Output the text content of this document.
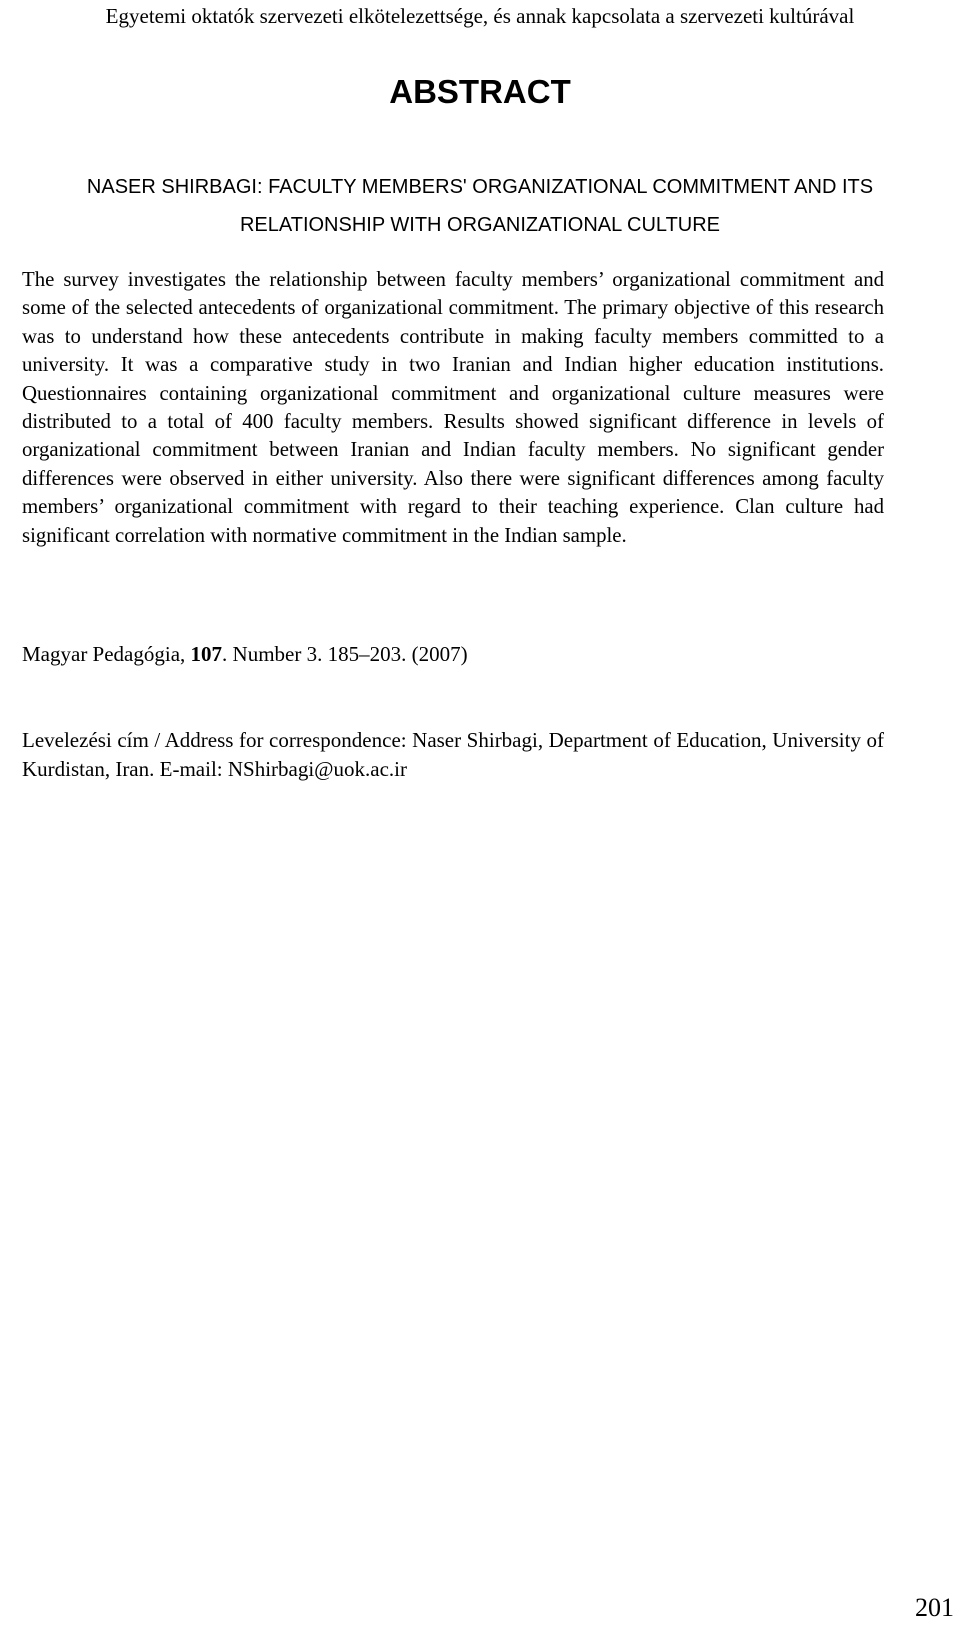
Egyetemi oktatók szervezeti elkötelezettsége, és annak kapcsolata a szervezeti kultúrával
ABSTRACT
NASER SHIRBAGI: FACULTY MEMBERS' ORGANIZATIONAL COMMITMENT AND ITS
RELATIONSHIP WITH ORGANIZATIONAL CULTURE

The survey investigates the relationship between faculty members’ organizational commitment and some of the selected antecedents of organizational commitment. The primary objective of this research was to understand how these antecedents contribute in making faculty members committed to a university. It was a comparative study in two Iranian and Indian higher education institutions. Questionnaires containing organizational commitment and organizational culture measures were distributed to a total of 400 faculty members. Results showed significant difference in levels of organizational commitment between Iranian and Indian faculty members. No significant gender differences were observed in either university. Also there were significant differences among faculty members’ organizational commitment with regard to their teaching experience. Clan culture had significant correlation with normative commitment in the Indian sample.

Magyar Pedagógia, 107. Number 3. 185–203. (2007)

Levelezési cím / Address for correspondence: Naser Shirbagi, Department of Education, University of Kurdistan, Iran. E-mail: NShirbagi@uok.ac.ir

201
